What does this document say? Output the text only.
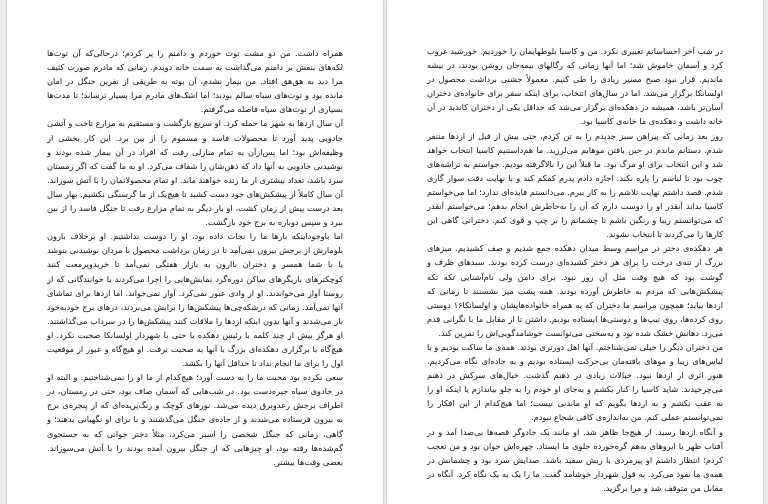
همراه داشت. من دو مشت توت خوردم و دامنم را پر کردم؛ درحالی‌که آن توت‌ها لکه‌های بنفش بر دامنم می‌گذاشت به سمت خانه دویدم. زمانی که مادرم صورت کثیف مرا دید به هق‌هق افتاد. من بیمار نشدم، آن بوته به طریقی از نفرین جنگل در امان مانده بود و توت‌های سیاه سالم بودند؛ اما اشک‌های مادرم مرا بسیار ترساند؛ تا مدت‌ها بسیاری از توت‌های سیاه فاصله می‌گرفتم.

آن سال ازدها به شهر ما حمله کرد. او سریع بازگشت و مستقیم به مزارع تاخت و آتشی جادویی پدید آورد تا محصولات فاسد و مسموم را از بین برد. این کار بخشی از وظیفه‌اش بود؛ اما پس‌ازآن به تمام منازلی رفت که افراد در آن بیمار شده بودند و نوشیدنی جادویی به آنها داد که ذهن‌شان را شفاف می‌کرد. او به ما گفت که اگر زمستان سرد باشد، تعداد بیشتری از ما زنده خواهند ماند. او تمام محصولاتمان را با آتش سوزاند. آن سال کاملاً از پیشکش‌های خود دست کشید تا هیچ‌یک از ما گرسنگی نکشیم. بهار سال بعد درست پیش از زمان کشت، او بار دیگر به تمام مزارع رفت تا جنگل فاسد را از بین ببرد و سپس دوباره به برج خود بازگشت.

اما باوجوداینکه بارها ما را نجات داده بود، او را دوست نداشتیم. او برخلاف بارون بلومارش از برجش بیرون نمی‌آمد تا در زمان برداشت محصول با مردان نوشیدنی بنوشد یا با شما همسر و دختران باارون به بازار هفتگی نمی‌آمد تا خریدوپرمعت کنند کوچکترهای بازیگرهای ساکن دوره‌گرد نمایش‌هایی را اجرا می‌کردند یا خوانندگانی که از روستا آواز می‌خواندند. او از وادی عبور نمی‌کرد. آواز نمی‌خواند. اما ازدها برای تماشای آنها نمی‌آمد. زمانی که درشکه‌چی‌ها پیشکش‌ها را برایش می‌بردند، درهای برج خودبه‌خود باز می‌شدند و آنها بدون اینکه ازدها را ملاقات کنند پیشکش‌ها را در سرداب می‌گذاشتند. او هرگز بیش از چند کلمه با رئیس دهکده یا حتی با شهردار اولسانکا صحبت نکرد. او هیچ‌گاه با برگزاری دهکده‌ای بزرگ با آنها به صحبت نرفت. او هیچ‌گاه و عبور از موقعیت اول را برای ما انجام نداد تا حداقل آنها را بکشد.

سعی نکرده بود محبت ما را به دست آورد؛ هیچ‌کدام از ما او را نمی‌شناختیم. و البته او در جادوی سیاه جیره‌دست بود. در شب‌هایی که آسمان صاف بود، حتی در زمستان، در اطراف برجش رعدوبرق دیده می‌شد. نورهای کوچک و رنگ‌پریده‌ای که از پنجره‌ی برج به بیرون فرستاده می‌شدند و از جاده‌ی جنگل می‌گذشتند و با برای او نگهبانی بدهند؛ و گاهی، زمانی که جنگل شخصی را اسیر می‌کرد، مثلاً دختر جوانی که به جستجوی گم‌شده‌ها رفته بود، او چیزهایی که از جنگل بیرون آمده بودند را با آتش می‌سوزاند. بعضی وقت‌ها بیشتر.

در شب آخر احساساتم تغییری نکرد. من و کاسیا بلوطهایمان را خوردیم. خورشید غروب کرد و آسمان خاموش شد؛ اما آنها زمانی که رگالهای بیمه‌جان روشن بودند، در بیشه ماندیم. قرار نبود صبح مسیر زیادی را طی کنیم. معمولاً جشنی برداشت محصول در اولسانکا برگزار می‌شد. اما در سال‌های انتخاب، برای اینکه سفر برای خانواده‌ی دختران آسان‌تر باشد، همیشه در دهکده‌ای برگزار می‌شد که حداقل یکی از دختران کاندید در آن خانه داشت و دهکده‌ی ما خانه‌ی کاسیا بود.

روز بعد زمانی که پیراهن سبز جدیدم را به تن کردم، حتی بیش از قبل از ازدها متنفر شدم. دستانم ماندم در حین بافتن موهایم می‌لرزید. ما هم‌داستنیم کاسیا انتخاب خواهد شد و این انتخاب برای او مرگ بود. ما قبلاً این را بالاگرفته بودیم. جواستم به تراشه‌های چوب بود تا لباسم را پاره نکند. اجازه دادم پدرم کمکم کند و با نهایت دقت سوار گاری شدم. قصد داشتم نهایت تلاشم را به کار ببرم. می‌دانستم فایده‌ای ندارد؛ اما می‌خواستم کاسیا بداند آنقدر او را دوست دارم که آن را به‌خاطرش انجام بدهم؛ می‌خواستم آنقدر که می‌توانستم زیبا و رنگین باشم تا چشمانم را بر چپ و قوی کنم. دخترانی گاهی این کارها را می‌کردند تا انتخاب نشوند.

هر دهکده‌ی دختر در مراسم وسط میدان دهکده جمع شدیم و صف کشیدیم. میزهای بزرگ از تنه‌ی درخت را برای هر دختر کشیده‌ای درست کرده بودند. سبدهای ظرف و گوشت بود که هیچ وقت مثل آن روز نبود. برای دامن ولی نام‌آشنایی تکه تکه پیشکش‌هایی که مردم به خاطرش آورده بودند. همه پشت میز نشستند تا زمانی که ازدها بیاید؛ همچون مراسم ما دختران که به همراه خانواده‌هایشان و اولسانکا۱۶ دوستی روی کرده‌ها، روی تیپ‌ها و دوستی‌ها ایستاده بودیم. داشتن تا از مقابل ما با نگرانی قدم می‌زد. دهانش خشک شده بود و به‌سختی می‌توانست خوشامدگویی‌اش را تمرین کند.

من دختران دیگر را خیلی نمی‌شناختم. آنها اهل دورتری بودند. همه‌ی ما ساکت بودیم و با لباس‌های زیبا و موهای بافته‌مان بی‌حرکت ایستاده بودیم و به جاده‌ای نگاه می‌کردیم. هنوز اثری از ازدها نبود. خیالات زیادی در ذهنم گذشت. خیال‌های سرکش در ذهنم می‌چرخیدند. شاید کاسیا را کنار بکشم و به‌جای او خودم را به جلو بیاندازم یا اینکه او را به عقب بکشم و به ازدها بگویم که او ماندنی نیست؛ اما هیچ‌کدام از این افکار را نمی‌توانستم عملی کنم. من به‌اندازه‌ی کافی شجاع نبودم.

و آنگاه ازدها رسید. از هیچ‌جا ظاهر شد. او مانند یک جادوگر قصه‌ها بی‌صدا آمد و در آفتاب ظهر با ابروهای به‌هم گره‌خورده جلوی ما ایستاد. چهره‌اش جوان بود و من تعجب کردم؛ انتظار داشتم او پیرمردی با ریش سفید باشد. صدایش سرد بود و چشمانش در همه‌ی ما نفوذ می‌کرد. به قول شهردار خوشامد گفت. ما را یک به یک نگاه کرد. آنگاه در مقابل من متوقف شد و مرا برگزید.
